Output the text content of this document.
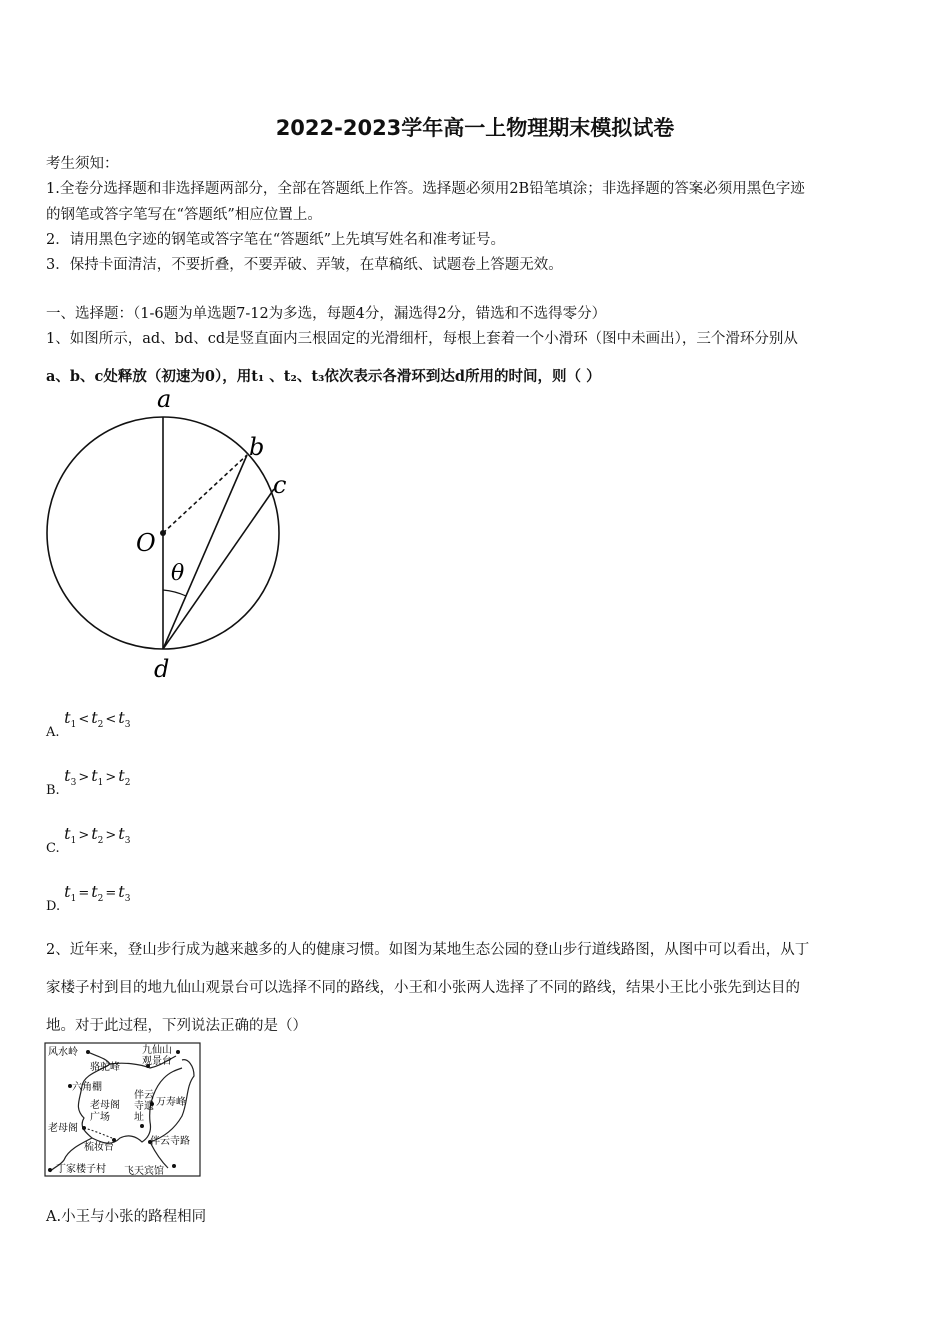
2022-2023学年高一上物理期末模拟试卷
考生须知：
1.全卷分选择题和非选择题两部分，全部在答题纸上作答。选择题必须用2B铅笔填涂；非选择题的答案必须用黑色字迹
的钢笔或答字笔写在“答题纸”相应位置上。
2．请用黑色字迹的钢笔或答字笔在“答题纸”上先填写姓名和准考证号。
3．保持卡面清洁，不要折叠，不要弄破、弄皱，在草稿纸、试题卷上答题无效。
一、选择题：（1-6题为单选题7-12为多选，每题4分，漏选得2分，错选和不选得零分）
1、如图所示，ad、bd、cd是竖直面内三根固定的光滑细杆，每根上套着一个小滑环（图中未画出），三个滑环分别从
a、b、c处释放（初速为0），用t₁ 、t₂、t₃依次表示各滑环到达d所用的时间，则（ ）
a
b
c
O
θ
d
A. $t_1 < t_2 < t_3$
B. $t_3 > t_1 > t_2$
C. $t_1 > t_2 > t_3$
D. $t_1 = t_2 = t_3$
2、近年来，登山步行成为越来越多的人的健康习惯。如图为某地生态公园的登山步行道线路图，从图中可以看出，从丁
家楼子村到目的地九仙山观景台可以选择不同的路线，小王和小张两人选择了不同的路线，结果小王比小张先到达目的
地。对于此过程，下列说法正确的是（）
风水岭	九仙山
观景台
骆驼峰
六角棚
老母阁
广场
伴云
寺遗
址
万寿峰
老母阁
梳妆台
伴云寺路
丁家楼子村 飞天宾馆
A.小王与小张的路程相同
